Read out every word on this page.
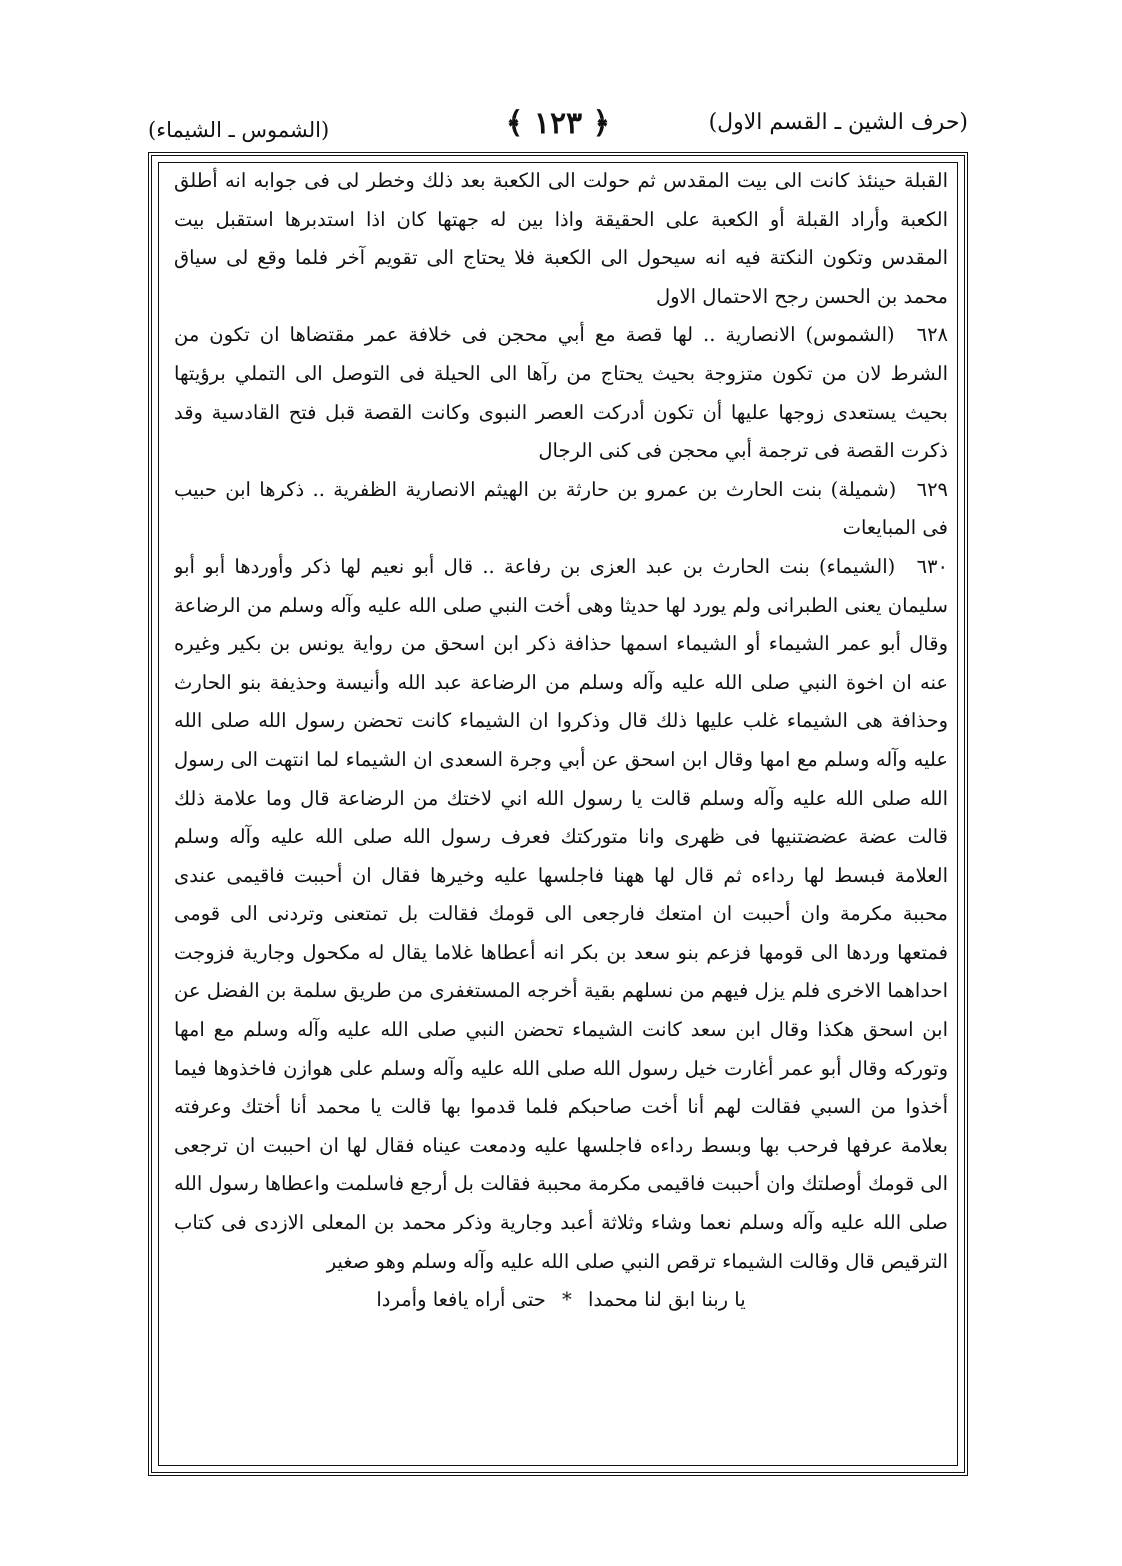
(حرف الشين ـ القسم الاول)
﴿ ١٢٣ ﴾
(الشموس ـ الشيماء)

القبلة حينئذ كانت الى بيت المقدس ثم حولت الى الكعبة بعد ذلك وخطر لى فى جوابه انه أطلق الكعبة وأراد القبلة أو الكعبة على الحقيقة واذا بين له جهتها كان اذا استدبرها استقبل بيت المقدس وتكون النكتة فيه انه سيحول الى الكعبة فلا يحتاج الى تقويم آخر فلما وقع لى سياق محمد بن الحسن رجح الاحتمال الاول

٦٢٨ (الشموس) الانصارية .. لها قصة مع أبي محجن فى خلافة عمر مقتضاها ان تكون من الشرط لان من تكون متزوجة بحيث يحتاج من رآها الى الحيلة فى التوصل الى التملي برؤيتها بحيث يستعدى زوجها عليها أن تكون أدركت العصر النبوى وكانت القصة قبل فتح القادسية وقد ذكرت القصة فى ترجمة أبي محجن فى كنى الرجال

٦٢٩ (شميلة) بنت الحارث بن عمرو بن حارثة بن الهيثم الانصارية الظفرية .. ذكرها ابن حبيب فى المبايعات

٦٣٠ (الشيماء) بنت الحارث بن عبد العزى بن رفاعة .. قال أبو نعيم لها ذكر وأوردها أبو أبو سليمان يعنى الطبرانى ولم يورد لها حديثا وهى أخت النبي صلى الله عليه وآله وسلم من الرضاعة وقال أبو عمر الشيماء أو الشيماء اسمها حذافة ذكر ابن اسحق من رواية يونس بن بكير وغيره عنه ان اخوة النبي صلى الله عليه وآله وسلم من الرضاعة عبد الله وأنيسة وحذيفة بنو الحارث وحذافة هى الشيماء غلب عليها ذلك قال وذكروا ان الشيماء كانت تحضن رسول الله صلى الله عليه وآله وسلم مع امها وقال ابن اسحق عن أبي وجرة السعدى ان الشيماء لما انتهت الى رسول الله صلى الله عليه وآله وسلم قالت يا رسول الله اني لاختك من الرضاعة قال وما علامة ذلك قالت عضة عضضتنيها فى ظهرى وانا متوركتك فعرف رسول الله صلى الله عليه وآله وسلم العلامة فبسط لها رداءه ثم قال لها ههنا فاجلسها عليه وخيرها فقال ان أحببت فاقيمى عندى محببة مكرمة وان أحببت ان امتعك فارجعى الى قومك فقالت بل تمتعنى وتردنى الى قومى فمتعها وردها الى قومها فزعم بنو سعد بن بكر انه أعطاها غلاما يقال له مكحول وجارية فزوجت احداهما الاخرى فلم يزل فيهم من نسلهم بقية أخرجه المستغفرى من طريق سلمة بن الفضل عن ابن اسحق هكذا وقال ابن سعد كانت الشيماء تحضن النبي صلى الله عليه وآله وسلم مع امها وتوركه وقال أبو عمر أغارت خيل رسول الله صلى الله عليه وآله وسلم على هوازن فاخذوها فيما أخذوا من السبي فقالت لهم أنا أخت صاحبكم فلما قدموا بها قالت يا محمد أنا أختك وعرفته بعلامة عرفها فرحب بها وبسط رداءه فاجلسها عليه ودمعت عيناه فقال لها ان احببت ان ترجعى الى قومك أوصلتك وان أحببت فاقيمى مكرمة محببة فقالت بل أرجع فاسلمت واعطاها رسول الله صلى الله عليه وآله وسلم نعما وشاء وثلاثة أعبد وجارية وذكر محمد بن المعلى الازدى فى كتاب الترقيص قال وقالت الشيماء ترقص النبي صلى الله عليه وآله وسلم وهو صغير

يا ربنا ابق لنا محمدا * حتى أراه يافعا وأمردا
